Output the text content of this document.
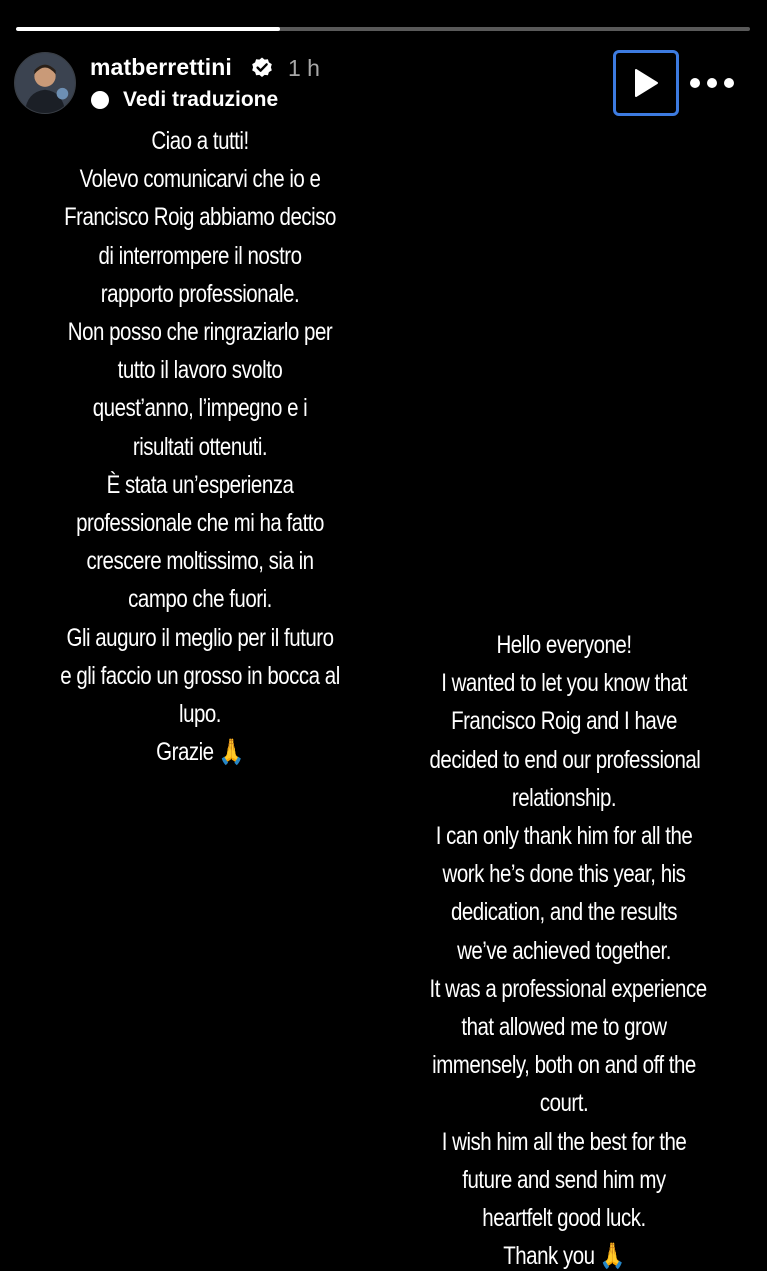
matberrettini 1 h
Vedi traduzione

Ciao a tutti!

Volevo comunicarvi che io e

Francisco Roig abbiamo deciso

di interrompere il nostro

rapporto professionale.

Non posso che ringraziarlo per

tutto il lavoro svolto

quest’anno, l’impegno e i

risultati ottenuti.

È stata un’esperienza

professionale che mi ha fatto

crescere moltissimo, sia in

campo che fuori.

Gli auguro il meglio per il futuro

e gli faccio un grosso in bocca al

lupo.

Grazie 🙏

Hello everyone!

I wanted to let you know that

Francisco Roig and I have

decided to end our professional

relationship.

I can only thank him for all the

work he’s done this year, his

dedication, and the results

we’ve achieved together.

It was a professional experience

that allowed me to grow

immensely, both on and off the

court.

I wish him all the best for the

future and send him my

heartfelt good luck.

Thank you 🙏
